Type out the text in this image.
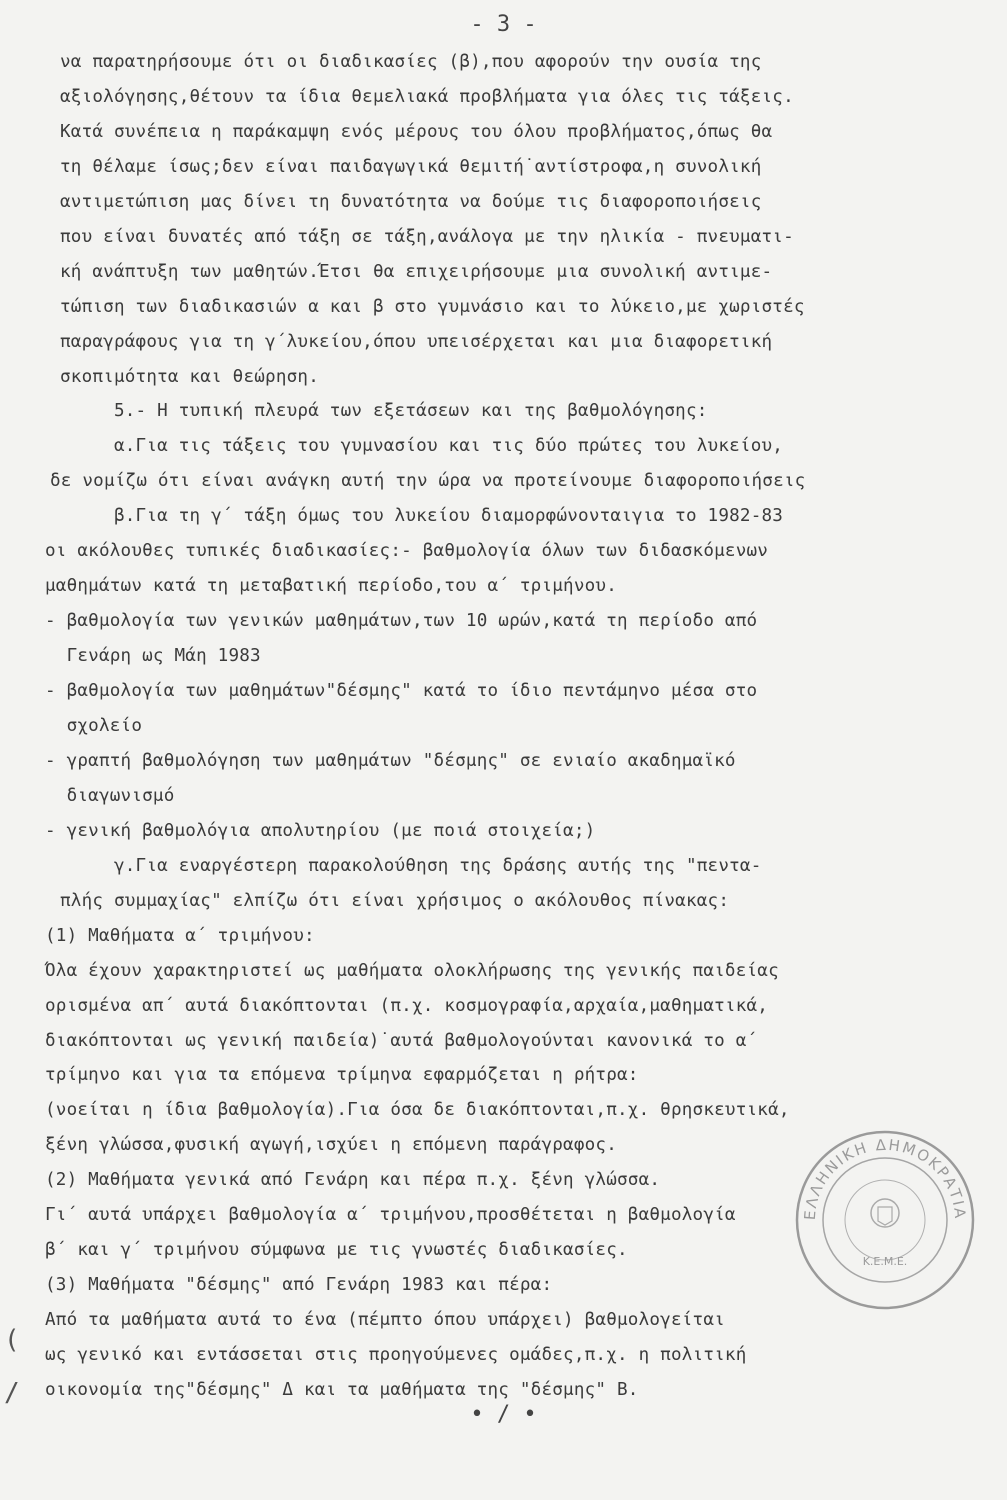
- 3 -
να παρατηρήσουμε ότι οι διαδικασίες (β),που αφορούν την ουσία της
αξιολόγησης,θέτουν τα ίδια θεμελιακά προβλήματα για όλες τις τάξεις.
Κατά συνέπεια η παράκαμψη ενός μέρους του όλου προβλήματος,όπως θα
τη θέλαμε ίσως;δεν είναι παιδαγωγικά θεμιτή˙αντίστροφα,η συνολική
αντιμετώπιση μας δίνει τη δυνατότητα να δούμε τις διαφοροποιήσεις
που είναι δυνατές από τάξη σε τάξη,ανάλογα με την ηλικία - πνευματι-
κή ανάπτυξη των μαθητών.Έτσι θα επιχειρήσουμε μια συνολική αντιμε-
τώπιση των διαδικασιών α και β στο γυμνάσιο και το λύκειο,με χωριστές
παραγράφους για τη γ΄λυκείου,όπου υπεισέρχεται και μια διαφορετική
σκοπιμότητα και θεώρηση.
5.- Η τυπική πλευρά των εξετάσεων και της βαθμολόγησης:
α.Για τις τάξεις του γυμνασίου και τις δύο πρώτες του λυκείου,
δε νομίζω ότι είναι ανάγκη αυτή την ώρα να προτείνουμε διαφοροποιήσεις
β.Για τη γ΄ τάξη όμως του λυκείου διαμορφώνονταιγια το 1982-83
οι ακόλουθες τυπικές διαδικασίες:- βαθμολογία όλων των διδασκόμενων
μαθημάτων κατά τη μεταβατική περίοδο,του α΄ τριμήνου.
- βαθμολογία των γενικών μαθημάτων,των 10 ωρών,κατά τη περίοδο από
Γενάρη ως Μάη 1983
- βαθμολογία των μαθημάτων"δέσμης" κατά το ίδιο πεντάμηνο μέσα στο
σχολείο
- γραπτή βαθμολόγηση των μαθημάτων "δέσμης" σε ενιαίο ακαδημαϊκό
διαγωνισμό
- γενική βαθμολόγια απολυτηρίου (με ποιά στοιχεία;)
γ.Για εναργέστερη παρακολούθηση της δράσης αυτής της "πεντα-
πλής συμμαχίας" ελπίζω ότι είναι χρήσιμος ο ακόλουθος πίνακας:
(1) Μαθήματα α΄ τριμήνου:
Όλα έχουν χαρακτηριστεί ως μαθήματα ολοκλήρωσης της γενικής παιδείας
ορισμένα απ΄ αυτά διακόπτονται (π.χ. κοσμογραφία,αρχαία,μαθηματικά,
διακόπτονται ως γενική παιδεία)˙αυτά βαθμολογούνται κανονικά το α΄
τρίμηνο και για τα επόμενα τρίμηνα εφαρμόζεται η ρήτρα:
(νοείται η ίδια βαθμολογία).Για όσα δε διακόπτονται,π.χ. θρησκευτικά,
ξένη γλώσσα,φυσική αγωγή,ισχύει η επόμενη παράγραφος.
(2) Μαθήματα γενικά από Γενάρη και πέρα π.χ. ξένη γλώσσα.
Γι΄ αυτά υπάρχει βαθμολογία α΄ τριμήνου,προσθέτεται η βαθμολογία
β΄ και γ΄ τριμήνου σύμφωνα με τις γνωστές διαδικασίες.
(3) Μαθήματα "δέσμης" από Γενάρη 1983 και πέρα:
Από τα μαθήματα αυτά το ένα (πέμπτο όπου υπάρχει) βαθμολογείται
ως γενικό και εντάσσεται στις προηγούμενες ομάδες,π.χ. η πολιτική
οικονομία της"δέσμης" Δ και τα μαθήματα της "δέσμης" Β.
(
/
ΕΛΛΗΝΙΚΗ ΔΗΜΟΚΡΑΤΙΑ
Κ.Ε.Μ.Ε.
• / •
